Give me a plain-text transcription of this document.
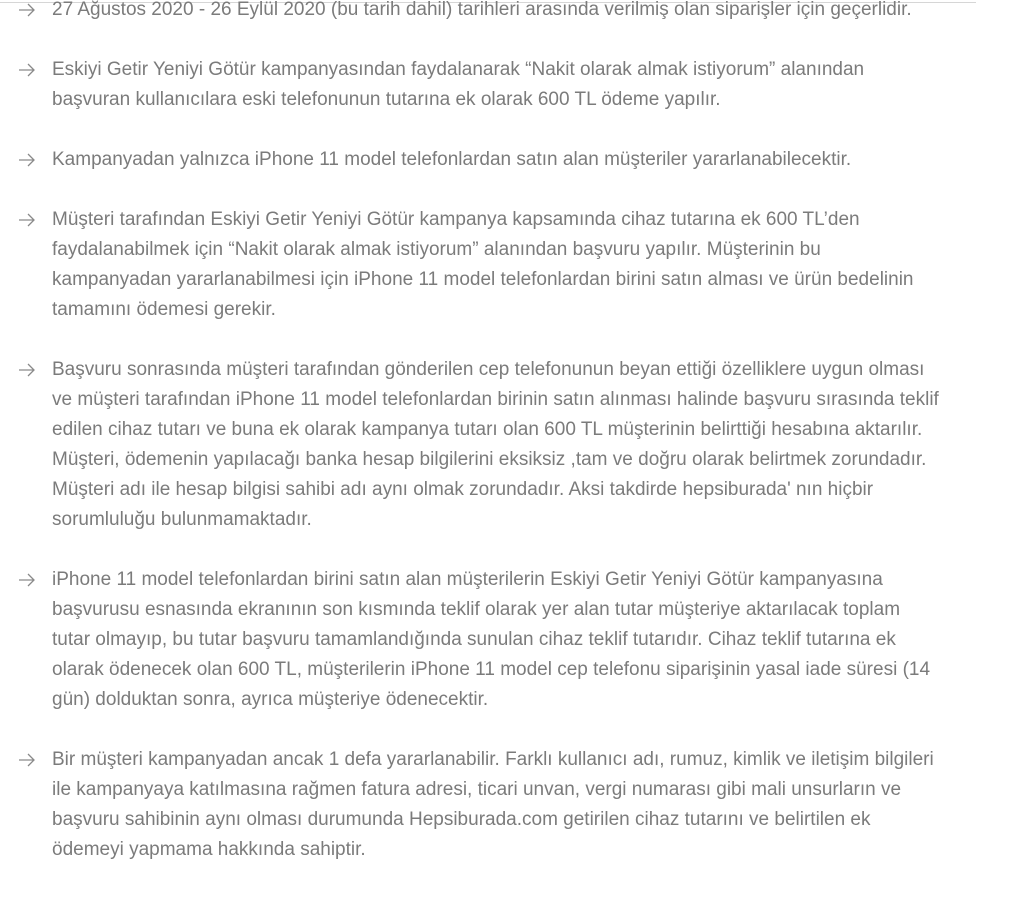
27 Ağustos 2020 - 26 Eylül 2020 (bu tarih dahil) tarihleri arasında verilmiş olan siparişler için geçerlidir.
Eskiyi Getir Yeniyi Götür kampanyasından faydalanarak “Nakit olarak almak istiyorum” alanından başvuran kullanıcılara eski telefonunun tutarına ek olarak 600 TL ödeme yapılır.
Kampanyadan yalnızca iPhone 11 model telefonlardan satın alan müşteriler yararlanabilecektir.
Müşteri tarafından Eskiyi Getir Yeniyi Götür kampanya kapsamında cihaz tutarına ek 600 TL’den faydalanabilmek için “Nakit olarak almak istiyorum” alanından başvuru yapılır. Müşterinin bu kampanyadan yararlanabilmesi için iPhone 11 model telefonlardan birini satın alması ve ürün bedelinin tamamını ödemesi gerekir.
Başvuru sonrasında müşteri tarafından gönderilen cep telefonunun beyan ettiği özelliklere uygun olması ve müşteri tarafından iPhone 11 model telefonlardan birinin satın alınması halinde başvuru sırasında teklif edilen cihaz tutarı ve buna ek olarak kampanya tutarı olan 600 TL müşterinin belirttiği hesabına aktarılır. Müşteri, ödemenin yapılacağı banka hesap bilgilerini eksiksiz ,tam ve doğru olarak belirtmek zorundadır. Müşteri adı ile hesap bilgisi sahibi adı aynı olmak zorundadır. Aksi takdirde hepsiburada' nın hiçbir sorumluluğu bulunmamaktadır.
iPhone 11 model telefonlardan birini satın alan müşterilerin Eskiyi Getir Yeniyi Götür kampanyasına başvurusu esnasında ekranının son kısmında teklif olarak yer alan tutar müşteriye aktarılacak toplam tutar olmayıp, bu tutar başvuru tamamlandığında sunulan cihaz teklif tutarıdır. Cihaz teklif tutarına ek olarak ödenecek olan 600 TL, müşterilerin iPhone 11 model cep telefonu siparişinin yasal iade süresi (14 gün) dolduktan sonra, ayrıca müşteriye ödenecektir.
Bir müşteri kampanyadan ancak 1 defa yararlanabilir. Farklı kullanıcı adı, rumuz, kimlik ve iletişim bilgileri ile kampanyaya katılmasına rağmen fatura adresi, ticari unvan, vergi numarası gibi mali unsurların ve başvuru sahibinin aynı olması durumunda Hepsiburada.com getirilen cihaz tutarını ve belirtilen ek ödemeyi yapmama hakkında sahiptir.
